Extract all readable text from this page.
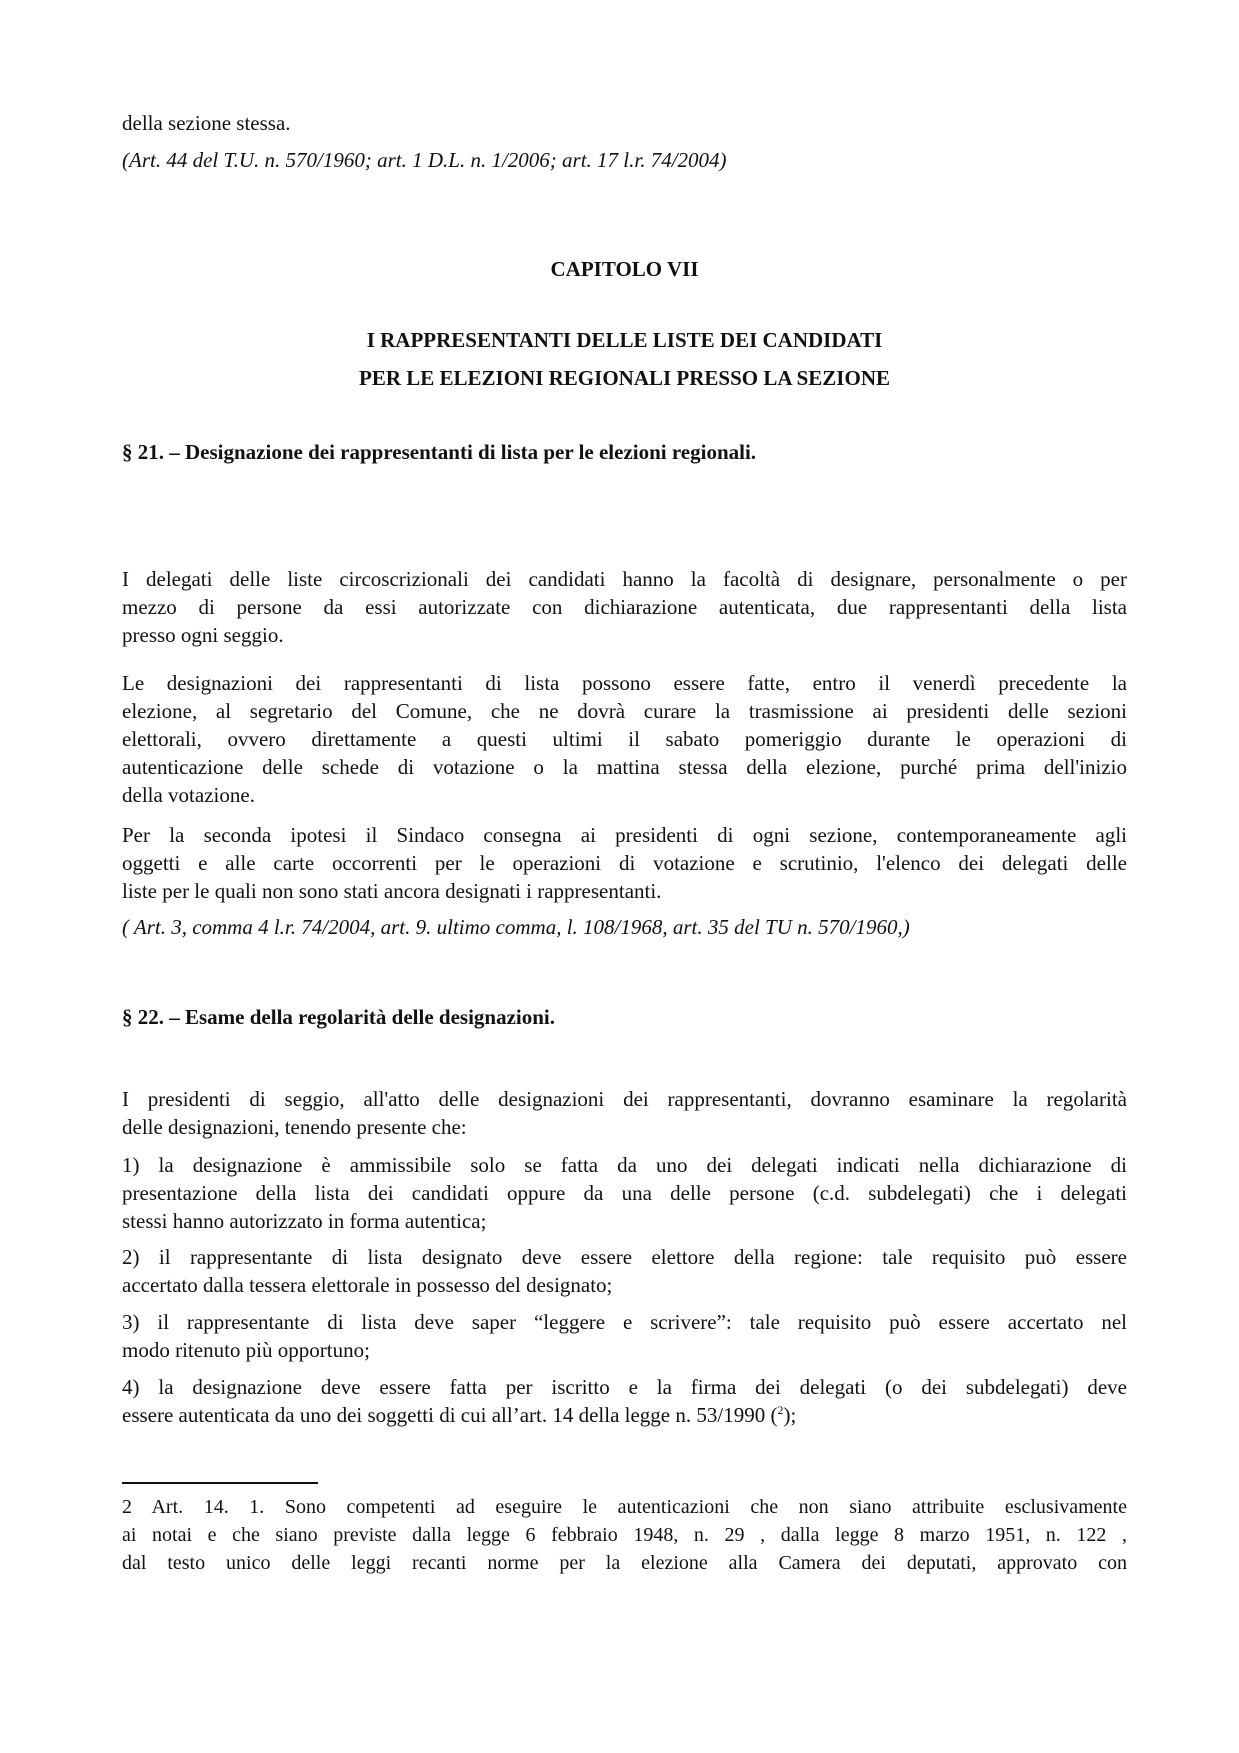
della sezione stessa.
(Art. 44 del T.U. n. 570/1960; art. 1 D.L. n. 1/2006; art. 17 l.r. 74/2004)
CAPITOLO VII
I RAPPRESENTANTI DELLE LISTE DEI CANDIDATI
PER LE ELEZIONI REGIONALI PRESSO LA SEZIONE
§ 21. – Designazione dei rappresentanti di lista per le elezioni regionali.
I delegati delle liste circoscrizionali dei candidati hanno la facoltà di designare, personalmente o per
mezzo di persone da essi autorizzate con dichiarazione autenticata, due rappresentanti della lista
presso ogni seggio.
Le designazioni dei rappresentanti di lista possono essere fatte, entro il venerdì precedente la
elezione, al segretario del Comune, che ne dovrà curare la trasmissione ai presidenti delle sezioni
elettorali, ovvero direttamente a questi ultimi il sabato pomeriggio durante le operazioni di
autenticazione delle schede di votazione o la mattina stessa della elezione, purché prima dell'inizio
della votazione.
Per la seconda ipotesi il Sindaco consegna ai presidenti di ogni sezione, contemporaneamente agli
oggetti e alle carte occorrenti per le operazioni di votazione e scrutinio, l'elenco dei delegati delle
liste per le quali non sono stati ancora designati i rappresentanti.
( Art. 3, comma 4 l.r. 74/2004, art. 9. ultimo comma, l. 108/1968, art. 35 del TU n. 570/1960,)
§ 22. – Esame della regolarità delle designazioni.
I presidenti di seggio, all'atto delle designazioni dei rappresentanti, dovranno esaminare la regolarità
delle designazioni, tenendo presente che:
1) la designazione è ammissibile solo se fatta da uno dei delegati indicati nella dichiarazione di
presentazione della lista dei candidati oppure da una delle persone (c.d. subdelegati) che i delegati
stessi hanno autorizzato in forma autentica;
2) il rappresentante di lista designato deve essere elettore della regione: tale requisito può essere
accertato dalla tessera elettorale in possesso del designato;
3) il rappresentante di lista deve saper “leggere e scrivere”: tale requisito può essere accertato nel
modo ritenuto più opportuno;
4) la designazione deve essere fatta per iscritto e la firma dei delegati (o dei subdelegati) deve
essere autenticata da uno dei soggetti di cui all’art. 14 della legge n. 53/1990 ($^2$);
2 Art. 14. 1. Sono competenti ad eseguire le autenticazioni che non siano attribuite esclusivamente
ai notai e che siano previste dalla legge 6 febbraio 1948, n. 29 , dalla legge 8 marzo 1951, n. 122 ,
dal testo unico delle leggi recanti norme per la elezione alla Camera dei deputati, approvato con
